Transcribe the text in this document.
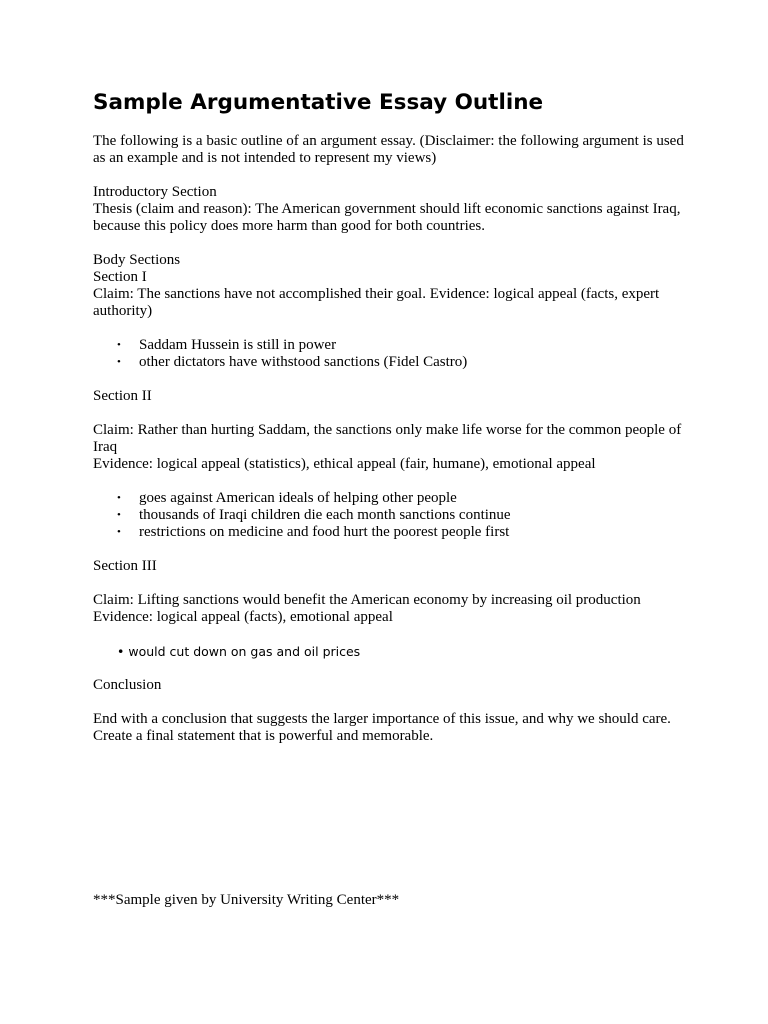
Sample Argumentative Essay Outline

The following is a basic outline of an argument essay. (Disclaimer: the following argument is used as an example and is not intended to represent my views)

Introductory Section

Thesis (claim and reason): The American government should lift economic sanctions against Iraq, because this policy does more harm than good for both countries.

Body Sections

Section I

Claim: The sanctions have not accomplished their goal. Evidence: logical appeal (facts, expert authority)

• Saddam Hussein is still in power
• other dictators have withstood sanctions (Fidel Castro)

Section II

Claim: Rather than hurting Saddam, the sanctions only make life worse for the common people of Iraq

Evidence: logical appeal (statistics), ethical appeal (fair, humane), emotional appeal

• goes against American ideals of helping other people
• thousands of Iraqi children die each month sanctions continue
• restrictions on medicine and food hurt the poorest people first

Section III

Claim: Lifting sanctions would benefit the American economy by increasing oil production

Evidence: logical appeal (facts), emotional appeal

• would cut down on gas and oil prices

Conclusion

End with a conclusion that suggests the larger importance of this issue, and why we should care. Create a final statement that is powerful and memorable.

***Sample given by University Writing Center***
